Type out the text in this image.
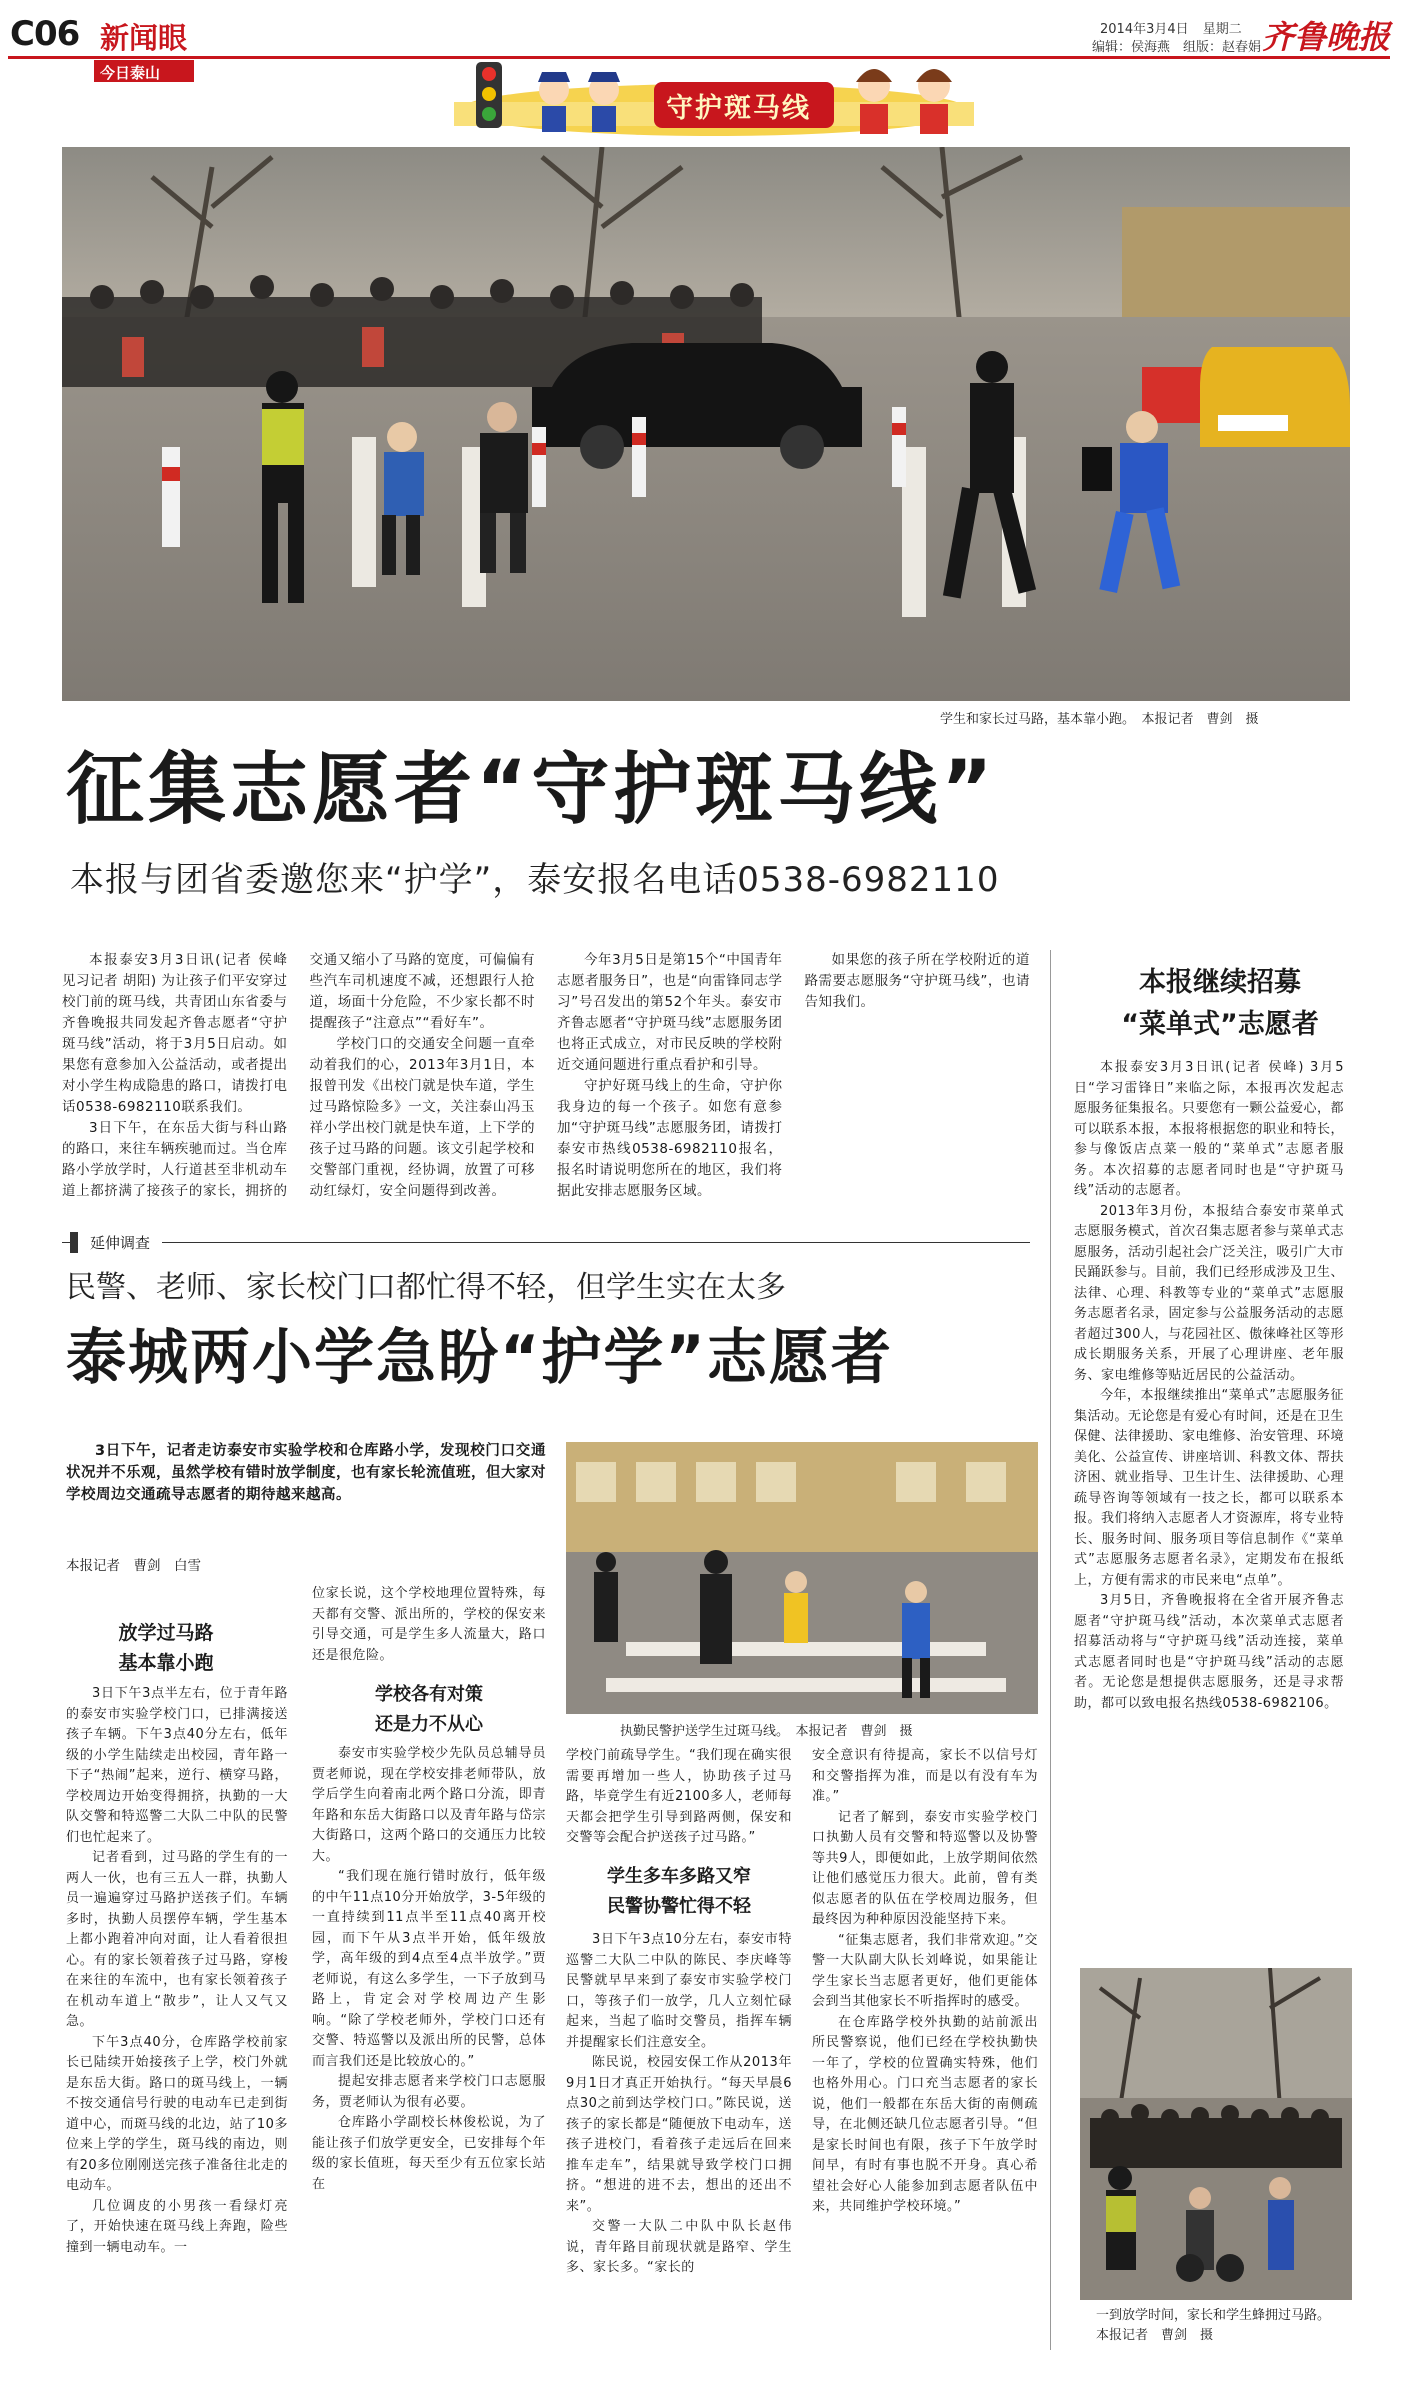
C06 新闻眼
今日泰山
2014年3月4日 星期二
编辑：侯海燕　组版：赵春娟 齐鲁晚报
守护斑马线
学生和家长过马路，基本靠小跑。　本报记者　曹剑　摄
征集志愿者“守护斑马线”
本报与团省委邀您来“护学”，泰安报名电话0538-6982110

本报泰安3月3日讯(记者 侯峰　见习记者 胡阳) 为让孩子们平安穿过校门前的斑马线，共青团山东省委与齐鲁晚报共同发起齐鲁志愿者“守护斑马线”活动，将于3月5日启动。如果您有意参加入公益活动，或者提出对小学生构成隐患的路口，请拨打电话0538-6982110联系我们。

3日下午，在东岳大街与科山路的路口，来往车辆疾驰而过。当仓库路小学放学时，人行道甚至非机动车道上都挤满了接孩子的家长，拥挤的交通又缩小了马路的宽度，可偏偏有些汽车司机速度不减，还想跟行人抢道，场面十分危险，不少家长都不时提醒孩子“注意点”“看好车”。

学校门口的交通安全问题一直牵动着我们的心，2013年3月1日，本报曾刊发《出校门就是快车道，学生过马路惊险多》一文，关注泰山冯玉祥小学出校门就是快车道，上下学的孩子过马路的问题。该文引起学校和交警部门重视，经协调，放置了可移动红绿灯，安全问题得到改善。

今年3月5日是第15个“中国青年志愿者服务日”，也是“向雷锋同志学习”号召发出的第52个年头。泰安市齐鲁志愿者“守护斑马线”志愿服务团也将正式成立，对市民反映的学校附近交通问题进行重点看护和引导。

守护好斑马线上的生命，守护你我身边的每一个孩子。如您有意参加“守护斑马线”志愿服务团，请拨打泰安市热线0538-6982110报名，报名时请说明您所在的地区，我们将据此安排志愿服务区域。

如果您的孩子所在学校附近的道路需要志愿服务“守护斑马线”，也请告知我们。

本报继续招募
“菜单式”志愿者

本报泰安3月3日讯(记者 侯峰) 3月5日“学习雷锋日”来临之际，本报再次发起志愿服务征集报名。只要您有一颗公益爱心，都可以联系本报，本报将根据您的职业和特长，参与像饭店点菜一般的“菜单式”志愿者服务。本次招募的志愿者同时也是“守护斑马线”活动的志愿者。

2013年3月份，本报结合泰安市菜单式志愿服务模式，首次召集志愿者参与菜单式志愿服务，活动引起社会广泛关注，吸引广大市民踊跃参与。目前，我们已经形成涉及卫生、法律、心理、科教等专业的“菜单式”志愿服务志愿者名录，固定参与公益服务活动的志愿者超过300人，与花园社区、傲徕峰社区等形成长期服务关系，开展了心理讲座、老年服务、家电维修等贴近居民的公益活动。

今年，本报继续推出“菜单式”志愿服务征集活动。无论您是有爱心有时间，还是在卫生保健、法律援助、家电维修、治安管理、环境美化、公益宣传、讲座培训、科教文体、帮扶济困、就业指导、卫生计生、法律援助、心理疏导咨询等领域有一技之长，都可以联系本报。我们将纳入志愿者人才资源库，将专业特长、服务时间、服务项目等信息制作《“菜单式”志愿服务志愿者名录》，定期发布在报纸上，方便有需求的市民来电“点单”。

3月5日，齐鲁晚报将在全省开展齐鲁志愿者“守护斑马线”活动，本次菜单式志愿者招募活动将与“守护斑马线”活动连接，菜单式志愿者同时也是“守护斑马线”活动的志愿者。无论您是想提供志愿服务，还是寻求帮助，都可以致电报名热线0538-6982106。

一到放学时间，家长和学生蜂拥过马路。　本报记者　曹剑　摄
延伸调查
民警、老师、家长校门口都忙得不轻，但学生实在太多
泰城两小学急盼“护学”志愿者

3日下午，记者走访泰安市实验学校和仓库路小学，发现校门口交通状况并不乐观，虽然学校有错时放学制度，也有家长轮流值班，但大家对学校周边交通疏导志愿者的期待越来越高。

本报记者　曹剑　白雪
执勤民警护送学生过斑马线。　本报记者　曹剑　摄
放学过马路
基本靠小跑

3日下午3点半左右，位于青年路的泰安市实验学校门口，已排满接送孩子车辆。下午3点40分左右，低年级的小学生陆续走出校园，青年路一下子“热闹”起来，逆行、横穿马路，学校周边开始变得拥挤，执勤的一大队交警和特巡警二大队二中队的民警们也忙起来了。

记者看到，过马路的学生有的一两人一伙，也有三五人一群，执勤人员一遍遍穿过马路护送孩子们。车辆多时，执勤人员摆停车辆，学生基本上都小跑着冲向对面，让人看着很担心。有的家长领着孩子过马路，穿梭在来往的车流中，也有家长领着孩子在机动车道上“散步”，让人又气又急。

下午3点40分，仓库路学校前家长已陆续开始接孩子上学，校门外就是东岳大街。路口的斑马线上，一辆不按交通信号行驶的电动车已走到街道中心，而斑马线的北边，站了10多位来上学的学生，斑马线的南边，则有20多位刚刚送完孩子准备往北走的电动车。

几位调皮的小男孩一看绿灯亮了，开始快速在斑马线上奔跑，险些撞到一辆电动车。一

位家长说，这个学校地理位置特殊，每天都有交警、派出所的，学校的保安来引导交通，可是学生多人流量大，路口还是很危险。

学校各有对策
还是力不从心

泰安市实验学校少先队员总辅导员贾老师说，现在学校安排老师带队，放学后学生向着南北两个路口分流，即青年路和东岳大街路口以及青年路与岱宗大街路口，这两个路口的交通压力比较大。

“我们现在施行错时放行，低年级的中午11点10分开始放学，3-5年级的一直持续到11点半至11点40离开校园，而下午从3点半开始，低年级放学，高年级的到4点至4点半放学。”贾老师说，有这么多学生，一下子放到马路上，肯定会对学校周边产生影响。“除了学校老师外，学校门口还有交警、特巡警以及派出所的民警，总体而言我们还是比较放心的。”

提起安排志愿者来学校门口志愿服务，贾老师认为很有必要。

仓库路小学副校长林俊松说，为了能让孩子们放学更安全，已安排每个年级的家长值班，每天至少有五位家长站在

学校门前疏导学生。“我们现在确实很需要再增加一些人，协助孩子过马路，毕竟学生有近2100多人，老师每天都会把学生引导到路两侧，保安和交警等会配合护送孩子过马路。”

学生多车多路又窄
民警协警忙得不轻

3日下午3点10分左右，泰安市特巡警二大队二中队的陈民、李庆峰等民警就早早来到了泰安市实验学校门口，等孩子们一放学，几人立刻忙碌起来，当起了临时交警员，指挥车辆并提醒家长们注意安全。

陈民说，校园安保工作从2013年9月1日才真正开始执行。“每天早晨6点30之前到达学校门口。”陈民说，送孩子的家长都是“随便放下电动车，送孩子进校门，看着孩子走远后在回来推车走车”，结果就导致学校门口拥挤。“想进的进不去，想出的还出不来”。

交警一大队二中队中队长赵伟说，青年路目前现状就是路窄、学生多、家长多。“家长的

安全意识有待提高，家长不以信号灯和交警指挥为准，而是以有没有车为准。”

记者了解到，泰安市实验学校门口执勤人员有交警和特巡警以及协警等共9人，即便如此，上放学期间依然让他们感觉压力很大。此前，曾有类似志愿者的队伍在学校周边服务，但最终因为种种原因没能坚持下来。

“征集志愿者，我们非常欢迎。”交警一大队副大队长刘峰说，如果能让学生家长当志愿者更好，他们更能体会到当其他家长不听指挥时的感受。

在仓库路学校外执勤的站前派出所民警察说，他们已经在学校执勤快一年了，学校的位置确实特殊，他们也格外用心。门口充当志愿者的家长说，他们一般都在东岳大街的南侧疏导，在北侧还缺几位志愿者引导。“但是家长时间也有限，孩子下午放学时间早，有时有事也脱不开身。真心希望社会好心人能参加到志愿者队伍中来，共同维护学校环境。”
